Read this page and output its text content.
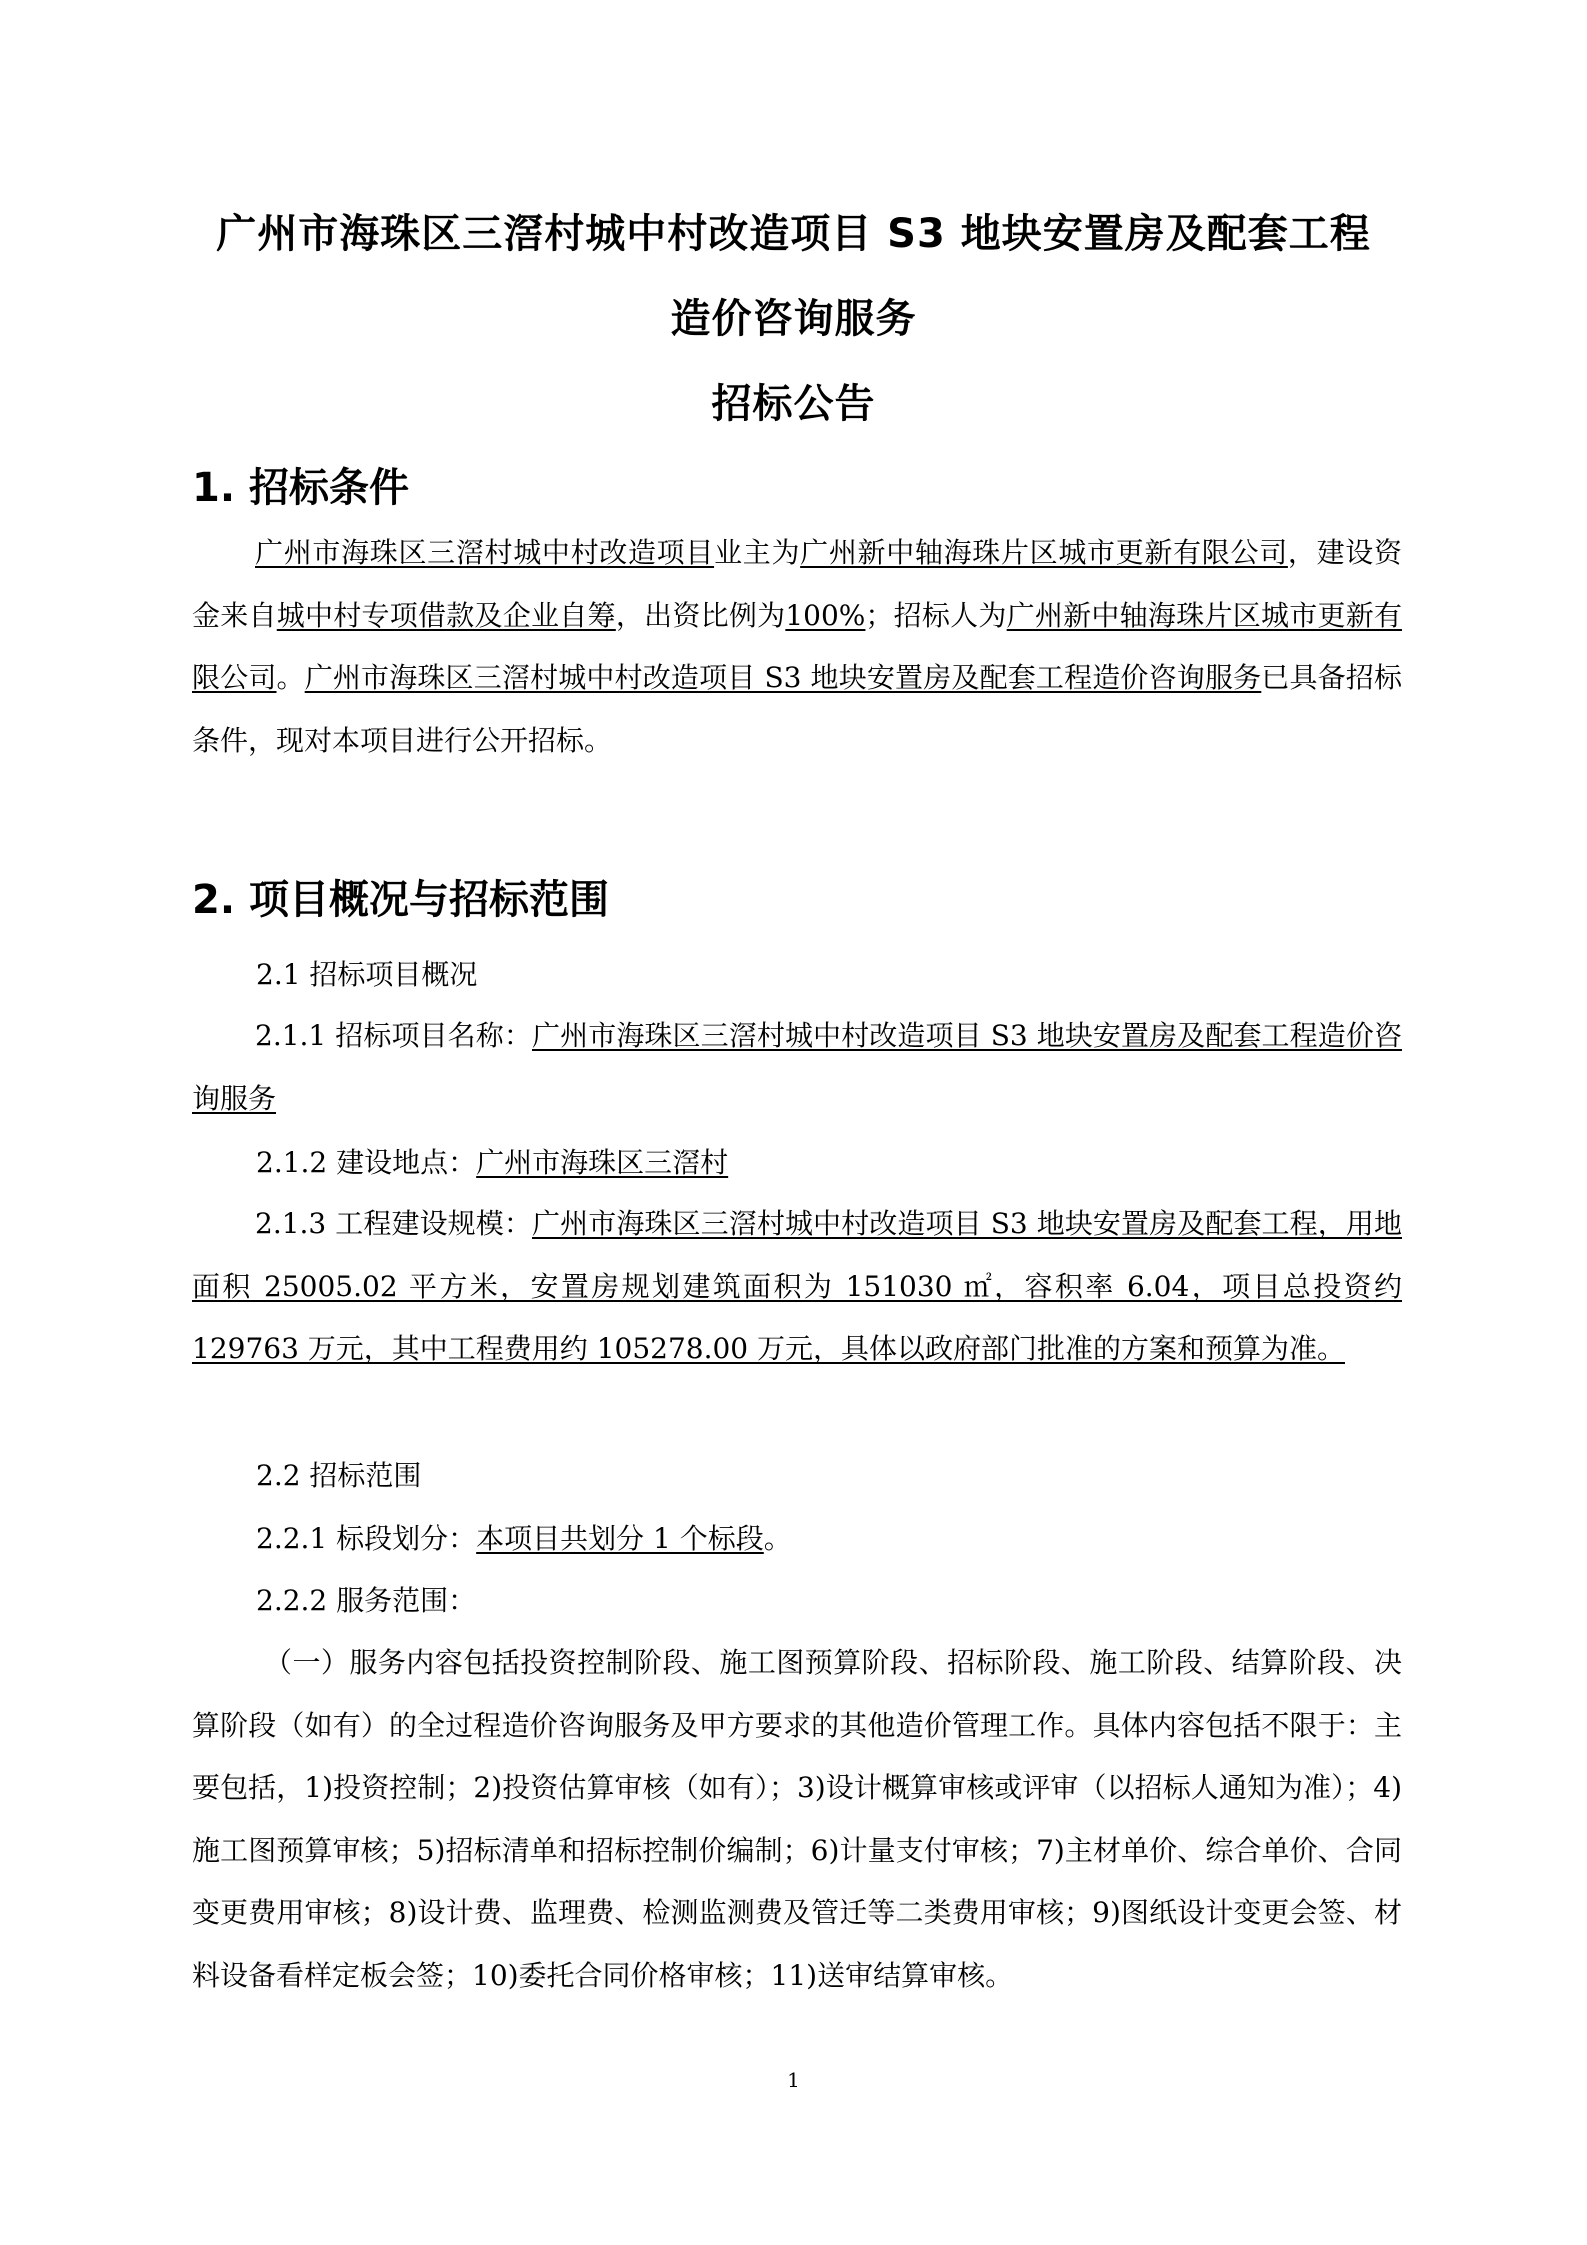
广州市海珠区三滘村城中村改造项目 S3 地块安置房及配套工程
造价咨询服务
招标公告
1. 招标条件
广州市海珠区三滘村城中村改造项目业主为广州新中轴海珠片区城市更新有限公司，建设资金来自城中村专项借款及企业自筹，出资比例为100%；招标人为广州新中轴海珠片区城市更新有限公司。广州市海珠区三滘村城中村改造项目 S3 地块安置房及配套工程造价咨询服务已具备招标条件，现对本项目进行公开招标。
2. 项目概况与招标范围
2.1 招标项目概况
2.1.1 招标项目名称：广州市海珠区三滘村城中村改造项目 S3 地块安置房及配套工程造价咨询服务
2.1.2 建设地点：广州市海珠区三滘村
2.1.3 工程建设规模：广州市海珠区三滘村城中村改造项目 S3 地块安置房及配套工程，用地面积 25005.02 平方米，安置房规划建筑面积为 151030 ㎡，容积率 6.04，项目总投资约 129763 万元，其中工程费用约 105278.00 万元，具体以政府部门批准的方案和预算为准。
2.2 招标范围
2.2.1 标段划分：本项目共划分 1 个标段。
2.2.2 服务范围：
（一）服务内容包括投资控制阶段、施工图预算阶段、招标阶段、施工阶段、结算阶段、决算阶段（如有）的全过程造价咨询服务及甲方要求的其他造价管理工作。具体内容包括不限于：主要包括，1)投资控制；2)投资估算审核（如有）；3)设计概算审核或评审（以招标人通知为准）；4)施工图预算审核；5)招标清单和招标控制价编制；6)计量支付审核；7)主材单价、综合单价、合同变更费用审核；8)设计费、监理费、检测监测费及管迁等二类费用审核；9)图纸设计变更会签、材料设备看样定板会签；10)委托合同价格审核；11)送审结算审核。
1
